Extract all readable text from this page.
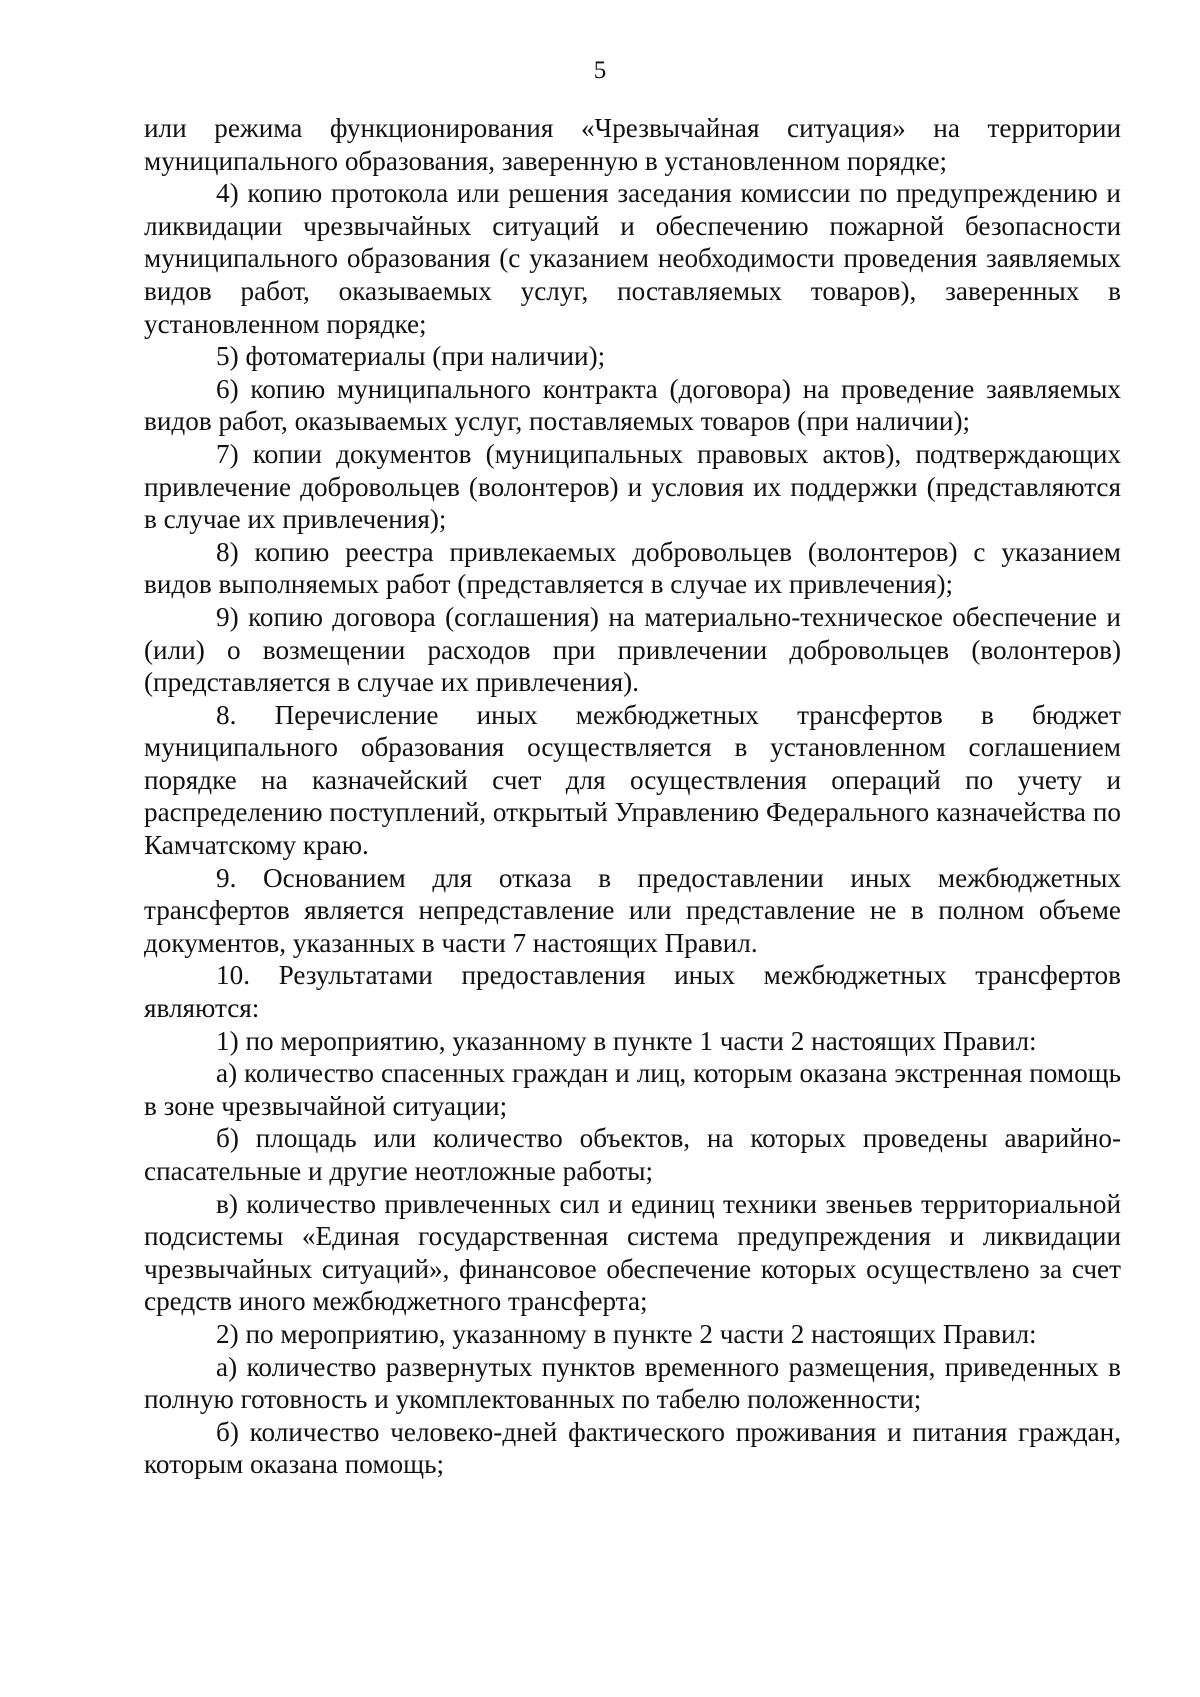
5

или режима функционирования «Чрезвычайная ситуация» на территории муниципального образования, заверенную в установленном порядке;

4) копию протокола или решения заседания комиссии по предупреждению и ликвидации чрезвычайных ситуаций и обеспечению пожарной безопасности муниципального образования (с указанием необходимости проведения заявляемых видов работ, оказываемых услуг, поставляемых товаров), заверенных в установленном порядке;

5) фотоматериалы (при наличии);

6) копию муниципального контракта (договора) на проведение заявляемых видов работ, оказываемых услуг, поставляемых товаров (при наличии);

7) копии документов (муниципальных правовых актов), подтверждающих привлечение добровольцев (волонтеров) и условия их поддержки (представляются в случае их привлечения);

8) копию реестра привлекаемых добровольцев (волонтеров) с указанием видов выполняемых работ (представляется в случае их привлечения);

9) копию договора (соглашения) на материально-техническое обеспечение и (или) о возмещении расходов при привлечении добровольцев (волонтеров) (представляется в случае их привлечения).

8. Перечисление иных межбюджетных трансфертов в бюджет муниципального образования осуществляется в установленном соглашением порядке на казначейский счет для осуществления операций по учету и распределению поступлений, открытый Управлению Федерального казначейства по Камчатскому краю.

9. Основанием для отказа в предоставлении иных межбюджетных трансфертов является непредставление или представление не в полном объеме документов, указанных в части 7 настоящих Правил.

10. Результатами предоставления иных межбюджетных трансфертов являются:

1) по мероприятию, указанному в пункте 1 части 2 настоящих Правил:

а) количество спасенных граждан и лиц, которым оказана экстренная помощь в зоне чрезвычайной ситуации;

б) площадь или количество объектов, на которых проведены аварийно-спасательные и другие неотложные работы;

в) количество привлеченных сил и единиц техники звеньев территориальной подсистемы «Единая государственная система предупреждения и ликвидации чрезвычайных ситуаций», финансовое обеспечение которых осуществлено за счет средств иного межбюджетного трансферта;

2) по мероприятию, указанному в пункте 2 части 2 настоящих Правил:

а) количество развернутых пунктов временного размещения, приведенных в полную готовность и укомплектованных по табелю положенности;

б) количество человеко-дней фактического проживания и питания граждан, которым оказана помощь;
